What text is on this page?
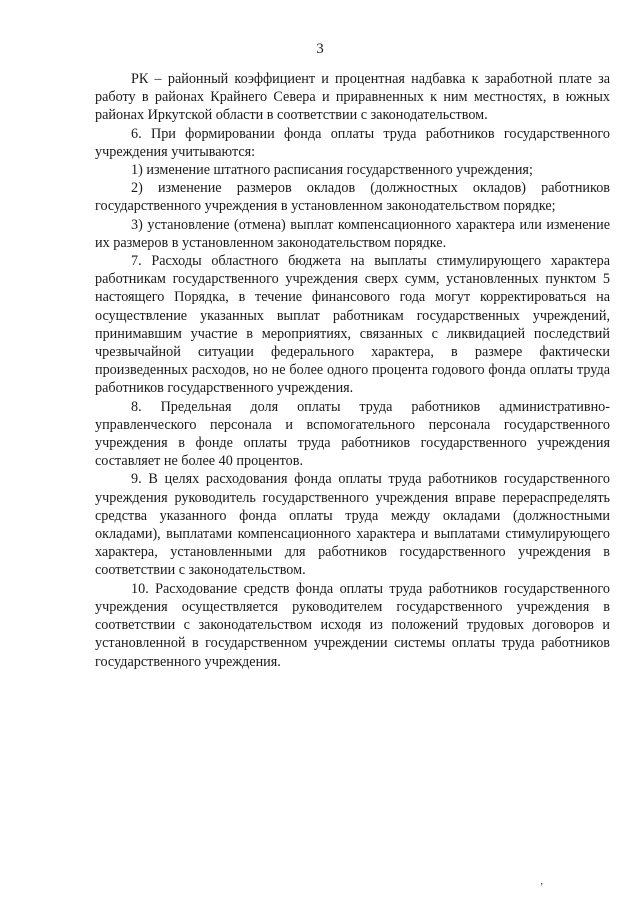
3

РК – районный коэффициент и процентная надбавка к заработной плате за работу в районах Крайнего Севера и приравненных к ним местностях, в южных районах Иркутской области в соответствии с законодательством.

6. При формировании фонда оплаты труда работников государственного учреждения учитываются:

1) изменение штатного расписания государственного учреждения;

2) изменение размеров окладов (должностных окладов) работников государственного учреждения в установленном законодательством порядке;

3) установление (отмена) выплат компенсационного характера или изменение их размеров в установленном законодательством порядке.

7. Расходы областного бюджета на выплаты стимулирующего характера работникам государственного учреждения сверх сумм, установленных пунктом 5 настоящего Порядка, в течение финансового года могут корректироваться на осуществление указанных выплат работникам государственных учреждений, принимавшим участие в мероприятиях, связанных с ликвидацией последствий чрезвычайной ситуации федерального характера, в размере фактически произведенных расходов, но не более одного процента годового фонда оплаты труда работников государственного учреждения.

8. Предельная доля оплаты труда работников административно-управленческого персонала и вспомогательного персонала государственного учреждения в фонде оплаты труда работников государственного учреждения составляет не более 40 процентов.

9. В целях расходования фонда оплаты труда работников государственного учреждения руководитель государственного учреждения вправе перераспределять средства указанного фонда оплаты труда между окладами (должностными окладами), выплатами компенсационного характера и выплатами стимулирующего характера, установленными для работников государственного учреждения в соответствии с законодательством.

10. Расходование средств фонда оплаты труда работников государственного учреждения осуществляется руководителем государственного учреждения в соответствии с законодательством исходя из положений трудовых договоров и установленной в государственном учреждении системы оплаты труда работников государственного учреждения.

ʼ
